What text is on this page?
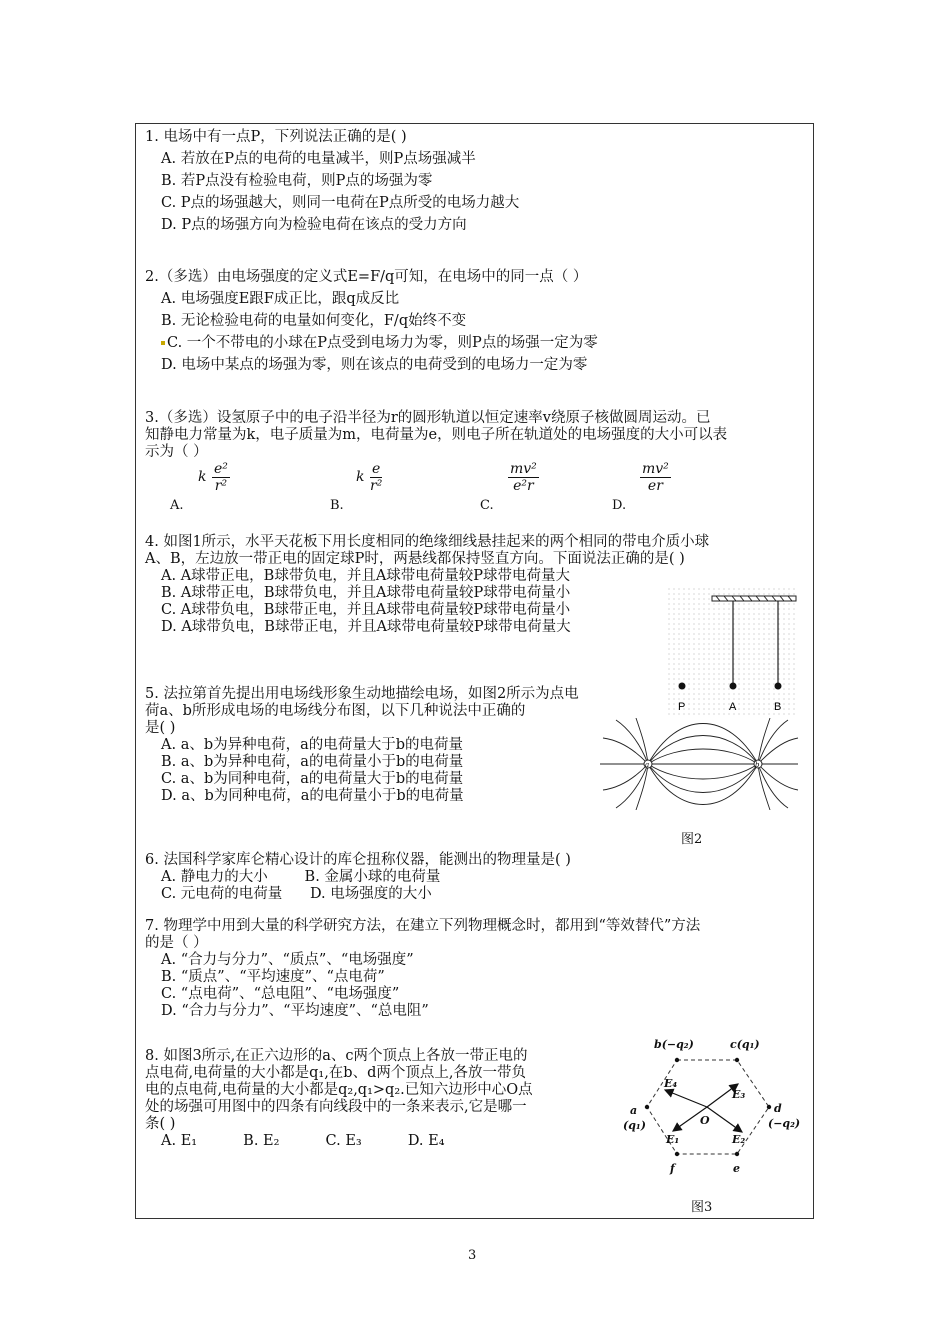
1. 电场中有一点P，下列说法正确的是( )
A. 若放在P点的电荷的电量减半，则P点场强减半
B. 若P点没有检验电荷，则P点的场强为零
C. P点的场强越大，则同一电荷在P点所受的电场力越大
D. P点的场强方向为检验电荷在该点的受力方向
2.（多选）由电场强度的定义式E=F/q可知，在电场中的同一点（ ）
A. 电场强度E跟F成正比，跟q成反比
B. 无论检验电荷的电量如何变化，F/q始终不变
C. 一个不带电的小球在P点受到电场力为零，则P点的场强一定为零
D. 电场中某点的场强为零，则在该点的电荷受到的电场力一定为零
3.（多选）设氢原子中的电子沿半径为r的圆形轨道以恒定速率v绕原子核做圆周运动。已
知静电力常量为k，电子质量为m，电荷量为e，则电子所在轨道处的电场强度的大小可以表
示为（ ）
A.
k $\frac{\text{e²}}{\text{r²}}$
B.
k $\frac{e}{\text{r²}}$
C.
$\frac{\text{mv²}}{\text{e²r}}$
D.
$\frac{\text{mv²}}{er}$
4. 如图1所示，水平天花板下用长度相同的绝缘细线悬挂起来的两个相同的带电介质小球
A、B，左边放一带正电的固定球P时，两悬线都保持竖直方向。下面说法正确的是( )
A. A球带正电，B球带负电，并且A球带电荷量较P球带电荷量大
B. A球带正电，B球带负电，并且A球带电荷量较P球带电荷量小
C. A球带负电，B球带正电，并且A球带电荷量较P球带电荷量小
D. A球带负电，B球带正电，并且A球带电荷量较P球带电荷量大
P	A	B
5. 法拉第首先提出用电场线形象生动地描绘电场，如图2所示为点电
荷a、b所形成电场的电场线分布图，以下几种说法中正确的
是( )
A. a、b为异种电荷，a的电荷量大于b的电荷量
B. a、b为异种电荷，a的电荷量小于b的电荷量
C. a、b为同种电荷，a的电荷量大于b的电荷量
D. a、b为同种电荷，a的电荷量小于b的电荷量
a	b
图2
6. 法国科学家库仑精心设计的库仑扭称仪器，能测出的物理量是( )
A. 静电力的大小        B. 金属小球的电荷量
C. 元电荷的电荷量      D. 电场强度的大小
7. 物理学中用到大量的科学研究方法，在建立下列物理概念时，都用到“等效替代”方法
的是（ ）
A. “合力与分力”、“质点”、“电场强度”
B. “质点”、“平均速度”、“点电荷”
C. “点电荷”、“总电阻”、“电场强度”
D. “合力与分力”、“平均速度”、“总电阻”
8. 如图3所示,在正六边形的a、c两个顶点上各放一带正电的
点电荷,电荷量的大小都是q₁,在b、d两个顶点上,各放一带负
电的点电荷,电荷量的大小都是q₂,q₁>q₂.已知六边形中心O点
处的场强可用图中的四条有向线段中的一条来表示,它是哪一
条( )
A. E₁          B. E₂          C. E₃          D. E₄
b(−q₂)	c(q₁)
a
(q₁)
d
(−q₂)
e
f
O
E₁	E₂
E₃
E₄
图3
3
